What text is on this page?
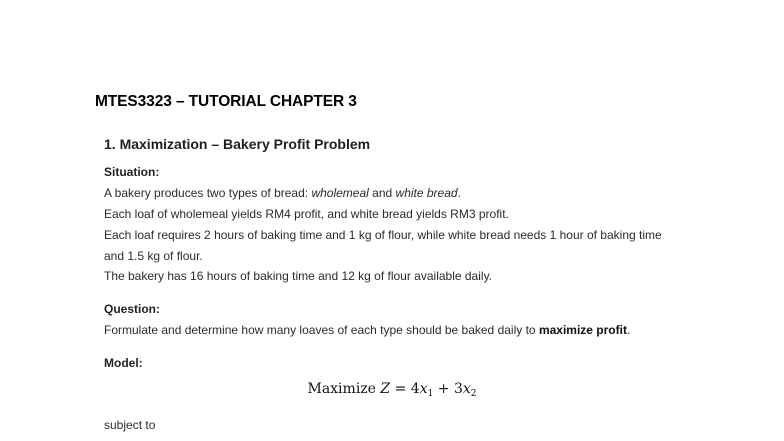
MTES3323 – TUTORIAL CHAPTER 3
1. Maximization – Bakery Profit Problem
Situation:
A bakery produces two types of bread: wholemeal and white bread.
Each loaf of wholemeal yields RM4 profit, and white bread yields RM3 profit.
Each loaf requires 2 hours of baking time and 1 kg of flour, while white bread needs 1 hour of baking time
and 1.5 kg of flour.
The bakery has 16 hours of baking time and 12 kg of flour available daily.
Question:
Formulate and determine how many loaves of each type should be baked daily to maximize profit.
Model:
Maximize $Z = 4x_1 + 3x_2$
subject to
